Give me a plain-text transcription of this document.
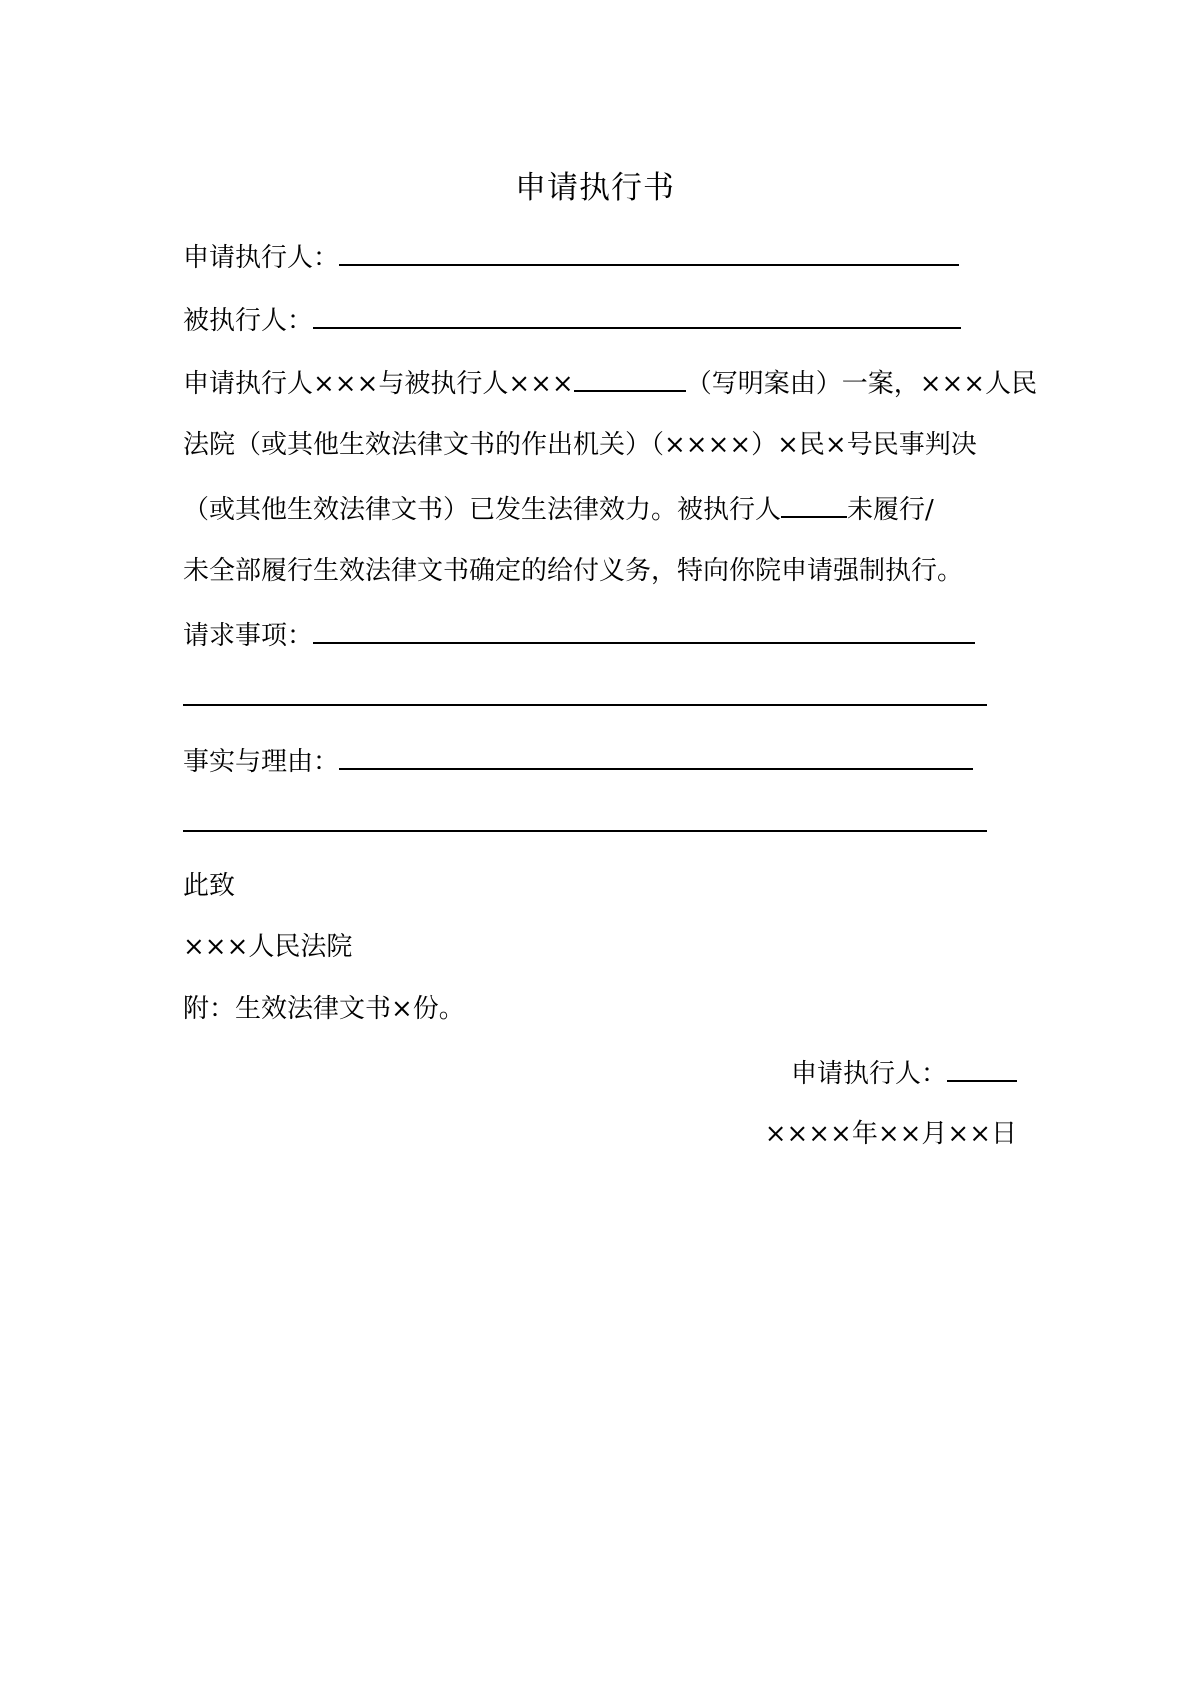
申请执行书
申请执行人：
被执行人：
申请执行人×××与被执行人×××	（写明案由）一案，×××人民
法院（或其他生效法律文书的作出机关）（××××）×民×号民事判决
（或其他生效法律文书）已发生法律效力。被执行人	未履行/
未全部履行生效法律文书确定的给付义务，特向你院申请强制执行。
请求事项：
事实与理由：
此致
×××人民法院
附：生效法律文书×份。
申请执行人：
××××年××月××日
